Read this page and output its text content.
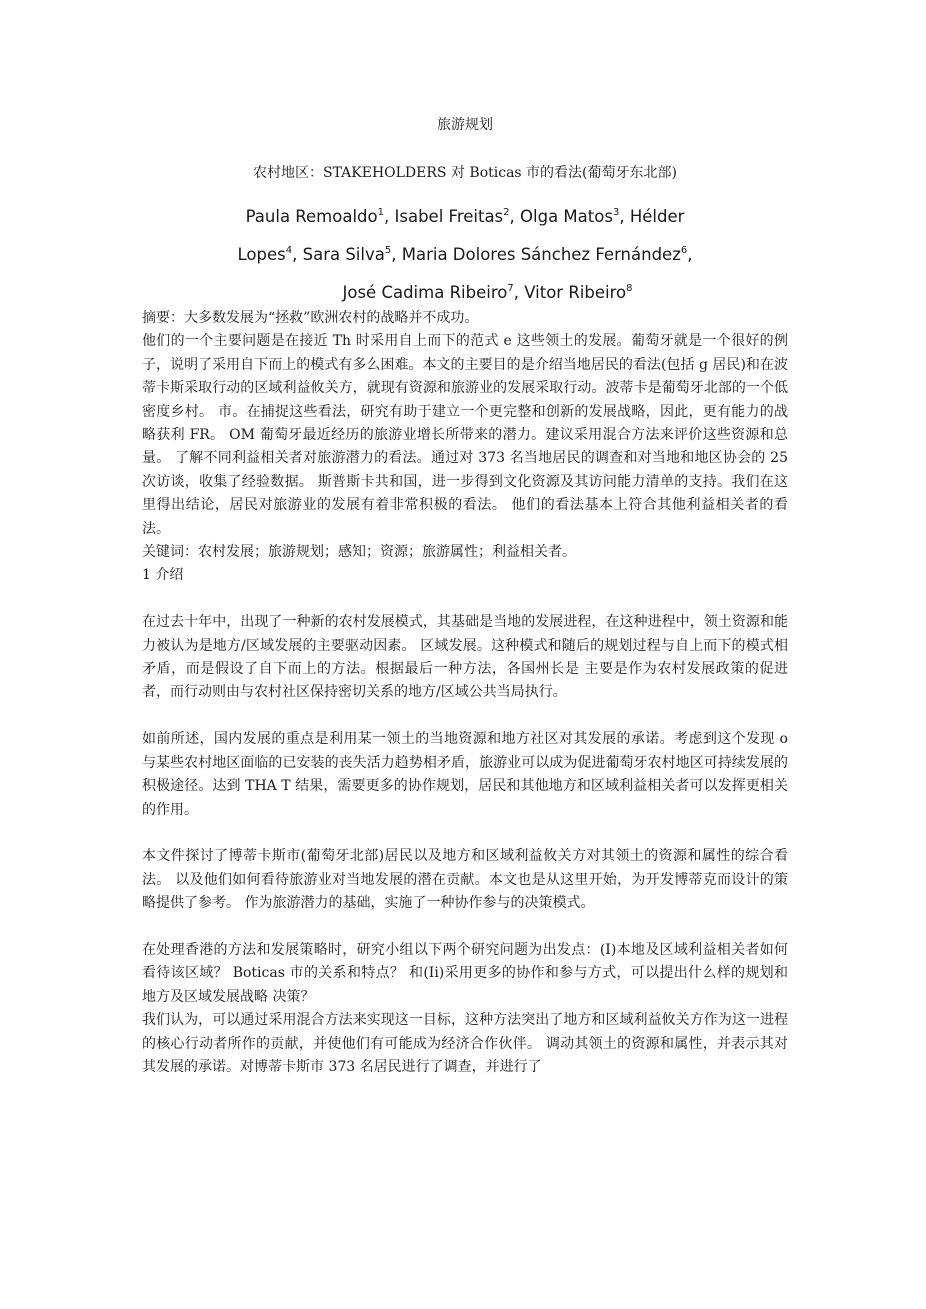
旅游规划
农村地区：STAKEHOLDERS 对 Boticas 市的看法(葡萄牙东北部)
Paula Remoaldo$^1$, Isabel Freitas$^2$, Olga Matos$^3$, Hélder
Lopes$^4$, Sara Silva$^5$, Maria Dolores Sánchez Fernández$^6$,
José Cadima Ribeiro$^7$, Vitor Ribeiro$^8$

摘要：大多数发展为“拯救”欧洲农村的战略并不成功。

他们的一个主要问题是在接近 Th 时采用自上而下的范式 e 这些领土的发展。葡萄牙就是一个很好的例子，说明了采用自下而上的模式有多么困难。本文的主要目的是介绍当地居民的看法(包括 g 居民)和在波蒂卡斯采取行动的区域利益攸关方，就现有资源和旅游业的发展采取行动。波蒂卡是葡萄牙北部的一个低密度乡村。 市。在捕捉这些看法，研究有助于建立一个更完整和创新的发展战略，因此，更有能力的战略获利 FR。 OM 葡萄牙最近经历的旅游业增长所带来的潜力。建议采用混合方法来评价这些资源和总量。 了解不同利益相关者对旅游潜力的看法。通过对 373 名当地居民的调查和对当地和地区协会的 25 次访谈，收集了经验数据。 斯普斯卡共和国，进一步得到文化资源及其访问能力清单的支持。我们在这里得出结论，居民对旅游业的发展有着非常积极的看法。 他们的看法基本上符合其他利益相关者的看法。

关键词：农村发展；旅游规划；感知；资源；旅游属性；利益相关者。

1 介绍

在过去十年中，出现了一种新的农村发展模式，其基础是当地的发展进程，在这种进程中，领土资源和能力被认为是地方/区域发展的主要驱动因素。 区域发展。这种模式和随后的规划过程与自上而下的模式相矛盾，而是假设了自下而上的方法。根据最后一种方法，各国州长是 主要是作为农村发展政策的促进者，而行动则由与农村社区保持密切关系的地方/区域公共当局执行。

如前所述，国内发展的重点是利用某一领土的当地资源和地方社区对其发展的承诺。考虑到这个发现 o 与某些农村地区面临的已安装的丧失活力趋势相矛盾，旅游业可以成为促进葡萄牙农村地区可持续发展的积极途径。达到 THA T 结果，需要更多的协作规划，居民和其他地方和区域利益相关者可以发挥更相关的作用。

本文件探讨了博蒂卡斯市(葡萄牙北部)居民以及地方和区域利益攸关方对其领土的资源和属性的综合看法。 以及他们如何看待旅游业对当地发展的潜在贡献。本文也是从这里开始，为开发博蒂克而设计的策略提供了参考。 作为旅游潜力的基础，实施了一种协作参与的决策模式。

在处理香港的方法和发展策略时，研究小组以下两个研究问题为出发点：(I)本地及区域利益相关者如何看待该区域？ Boticas 市的关系和特点？ 和(Ii)采用更多的协作和参与方式，可以提出什么样的规划和地方及区域发展战略 决策？

我们认为，可以通过采用混合方法来实现这一目标，这种方法突出了地方和区域利益攸关方作为这一进程的核心行动者所作的贡献，并使他们有可能成为经济合作伙伴。 调动其领土的资源和属性，并表示其对其发展的承诺。对博蒂卡斯市 373 名居民进行了调查，并进行了
